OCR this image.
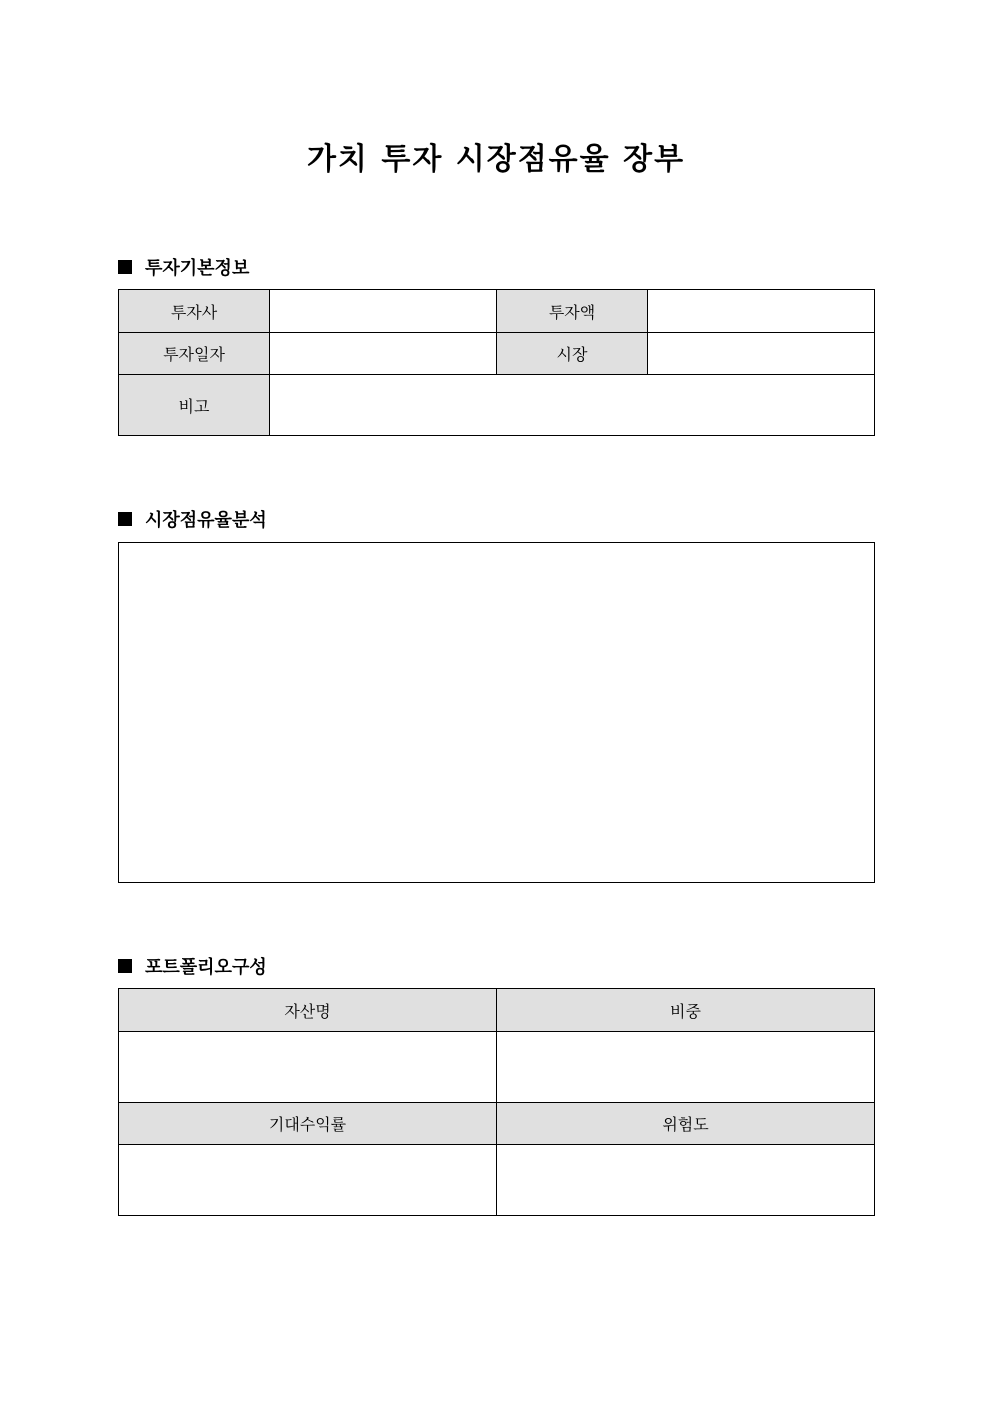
가치 투자 시장점유율 장부
투자기본정보
투자사		투자액	
투자일자		시장	
비고			
시장점유율분석
포트폴리오구성
자산명	비중

기대수익률	위험도
